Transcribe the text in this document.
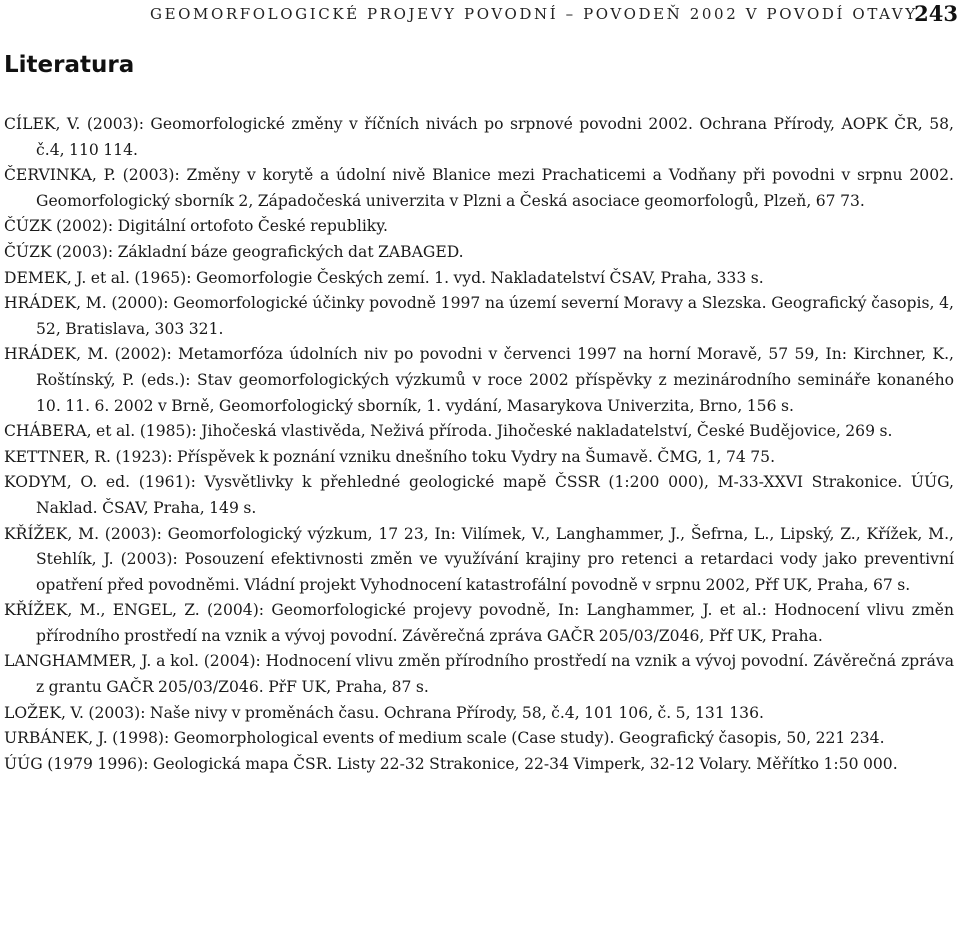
GEOMORFOLOGICKÉ PROJEVY POVODNÍ – POVODEŇ 2002 V POVODÍ OTAVY
243
Literatura
CÍLEK, V. (2003): Geomorfologické změny v říčních nivách po srpnové povodni 2002. Ochrana Přírody, AOPK ČR, 58, č.4, 110 114.
ČERVINKA, P. (2003): Změny v korytě a údolní nivě Blanice mezi Prachaticemi a Vodňany při povodni v srpnu 2002. Geomorfologický sborník 2, Západočeská univerzita v Plzni a Česká asociace geomorfologů, Plzeň, 67 73.
ČÚZK (2002): Digitální ortofoto České republiky.
ČÚZK (2003): Základní báze geografických dat ZABAGED.
DEMEK, J. et al. (1965): Geomorfologie Českých zemí. 1. vyd. Nakladatelství ČSAV, Praha, 333 s.
HRÁDEK, M. (2000): Geomorfologické účinky povodně 1997 na území severní Moravy a Slezska. Geografický časopis, 4, 52, Bratislava, 303 321.
HRÁDEK, M. (2002): Metamorfóza údolních niv po povodni v červenci 1997 na horní Moravě, 57 59, In: Kirchner, K., Roštínský, P. (eds.): Stav geomorfologických výzkumů v roce 2002 příspěvky z mezinárodního semináře konaného 10. 11. 6. 2002 v Brně, Geomorfologický sborník, 1. vydání, Masarykova Univerzita, Brno, 156 s.
CHÁBERA, et al. (1985): Jihočeská vlastivěda, Neživá příroda. Jihočeské nakladatelství, České Budějovice, 269 s.
KETTNER, R. (1923): Příspěvek k poznání vzniku dnešního toku Vydry na Šumavě. ČMG, 1, 74 75.
KODYM, O. ed. (1961): Vysvětlivky k přehledné geologické mapě ČSSR (1:200 000), M-33-XXVI Strakonice. ÚÚG, Naklad. ČSAV, Praha, 149 s.
KŘÍŽEK, M. (2003): Geomorfologický výzkum, 17 23, In: Vilímek, V., Langhammer, J., Šefrna, L., Lipský, Z., Křížek, M., Stehlík, J. (2003): Posouzení efektivnosti změn ve využívání krajiny pro retenci a retardaci vody jako preventivní opatření před povodněmi. Vládní projekt Vyhodnocení katastrofální povodně v srpnu 2002, Přf UK, Praha, 67 s.
KŘÍŽEK, M., ENGEL, Z. (2004): Geomorfologické projevy povodně, In: Langhammer, J. et al.: Hodnocení vlivu změn přírodního prostředí na vznik a vývoj povodní. Závěrečná zpráva GAČR 205/03/Z046, Přf UK, Praha.
LANGHAMMER, J. a kol. (2004): Hodnocení vlivu změn přírodního prostředí na vznik a vývoj povodní. Závěrečná zpráva z grantu GAČR 205/03/Z046. PřF UK, Praha, 87 s.
LOŽEK, V. (2003): Naše nivy v proměnách času. Ochrana Přírody, 58, č.4, 101 106, č. 5, 131 136.
URBÁNEK, J. (1998): Geomorphological events of medium scale (Case study). Geografický časopis, 50, 221 234.
ÚÚG (1979 1996): Geologická mapa ČSR. Listy 22-32 Strakonice, 22-34 Vimperk, 32-12 Volary. Měřítko 1:50 000.
